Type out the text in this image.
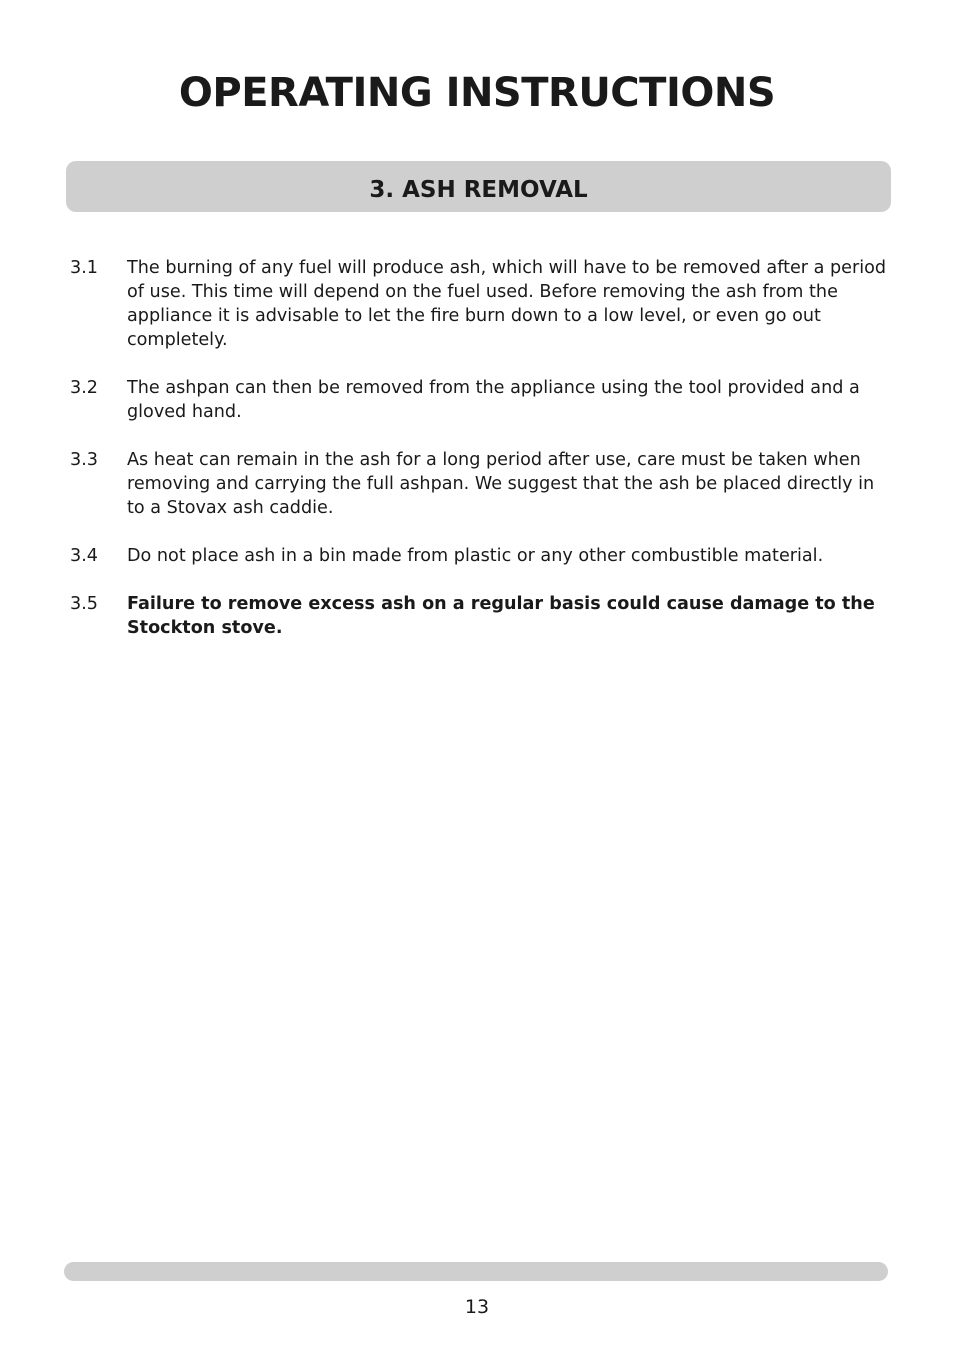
OPERATING INSTRUCTIONS
3. ASH REMOVAL
3.1 The burning of any fuel will produce ash, which will have to be removed after a period of use. This time will depend on the fuel used. Before removing the ash from the appliance it is advisable to let the fire burn down to a low level, or even go out completely.
3.2 The ashpan can then be removed from the appliance using the tool provided and a gloved hand.
3.3 As heat can remain in the ash for a long period after use, care must be taken when removing and carrying the full ashpan. We suggest that the ash be placed directly in to a Stovax ash caddie.
3.4 Do not place ash in a bin made from plastic or any other combustible material.
3.5 Failure to remove excess ash on a regular basis could cause damage to the Stockton stove.
13
